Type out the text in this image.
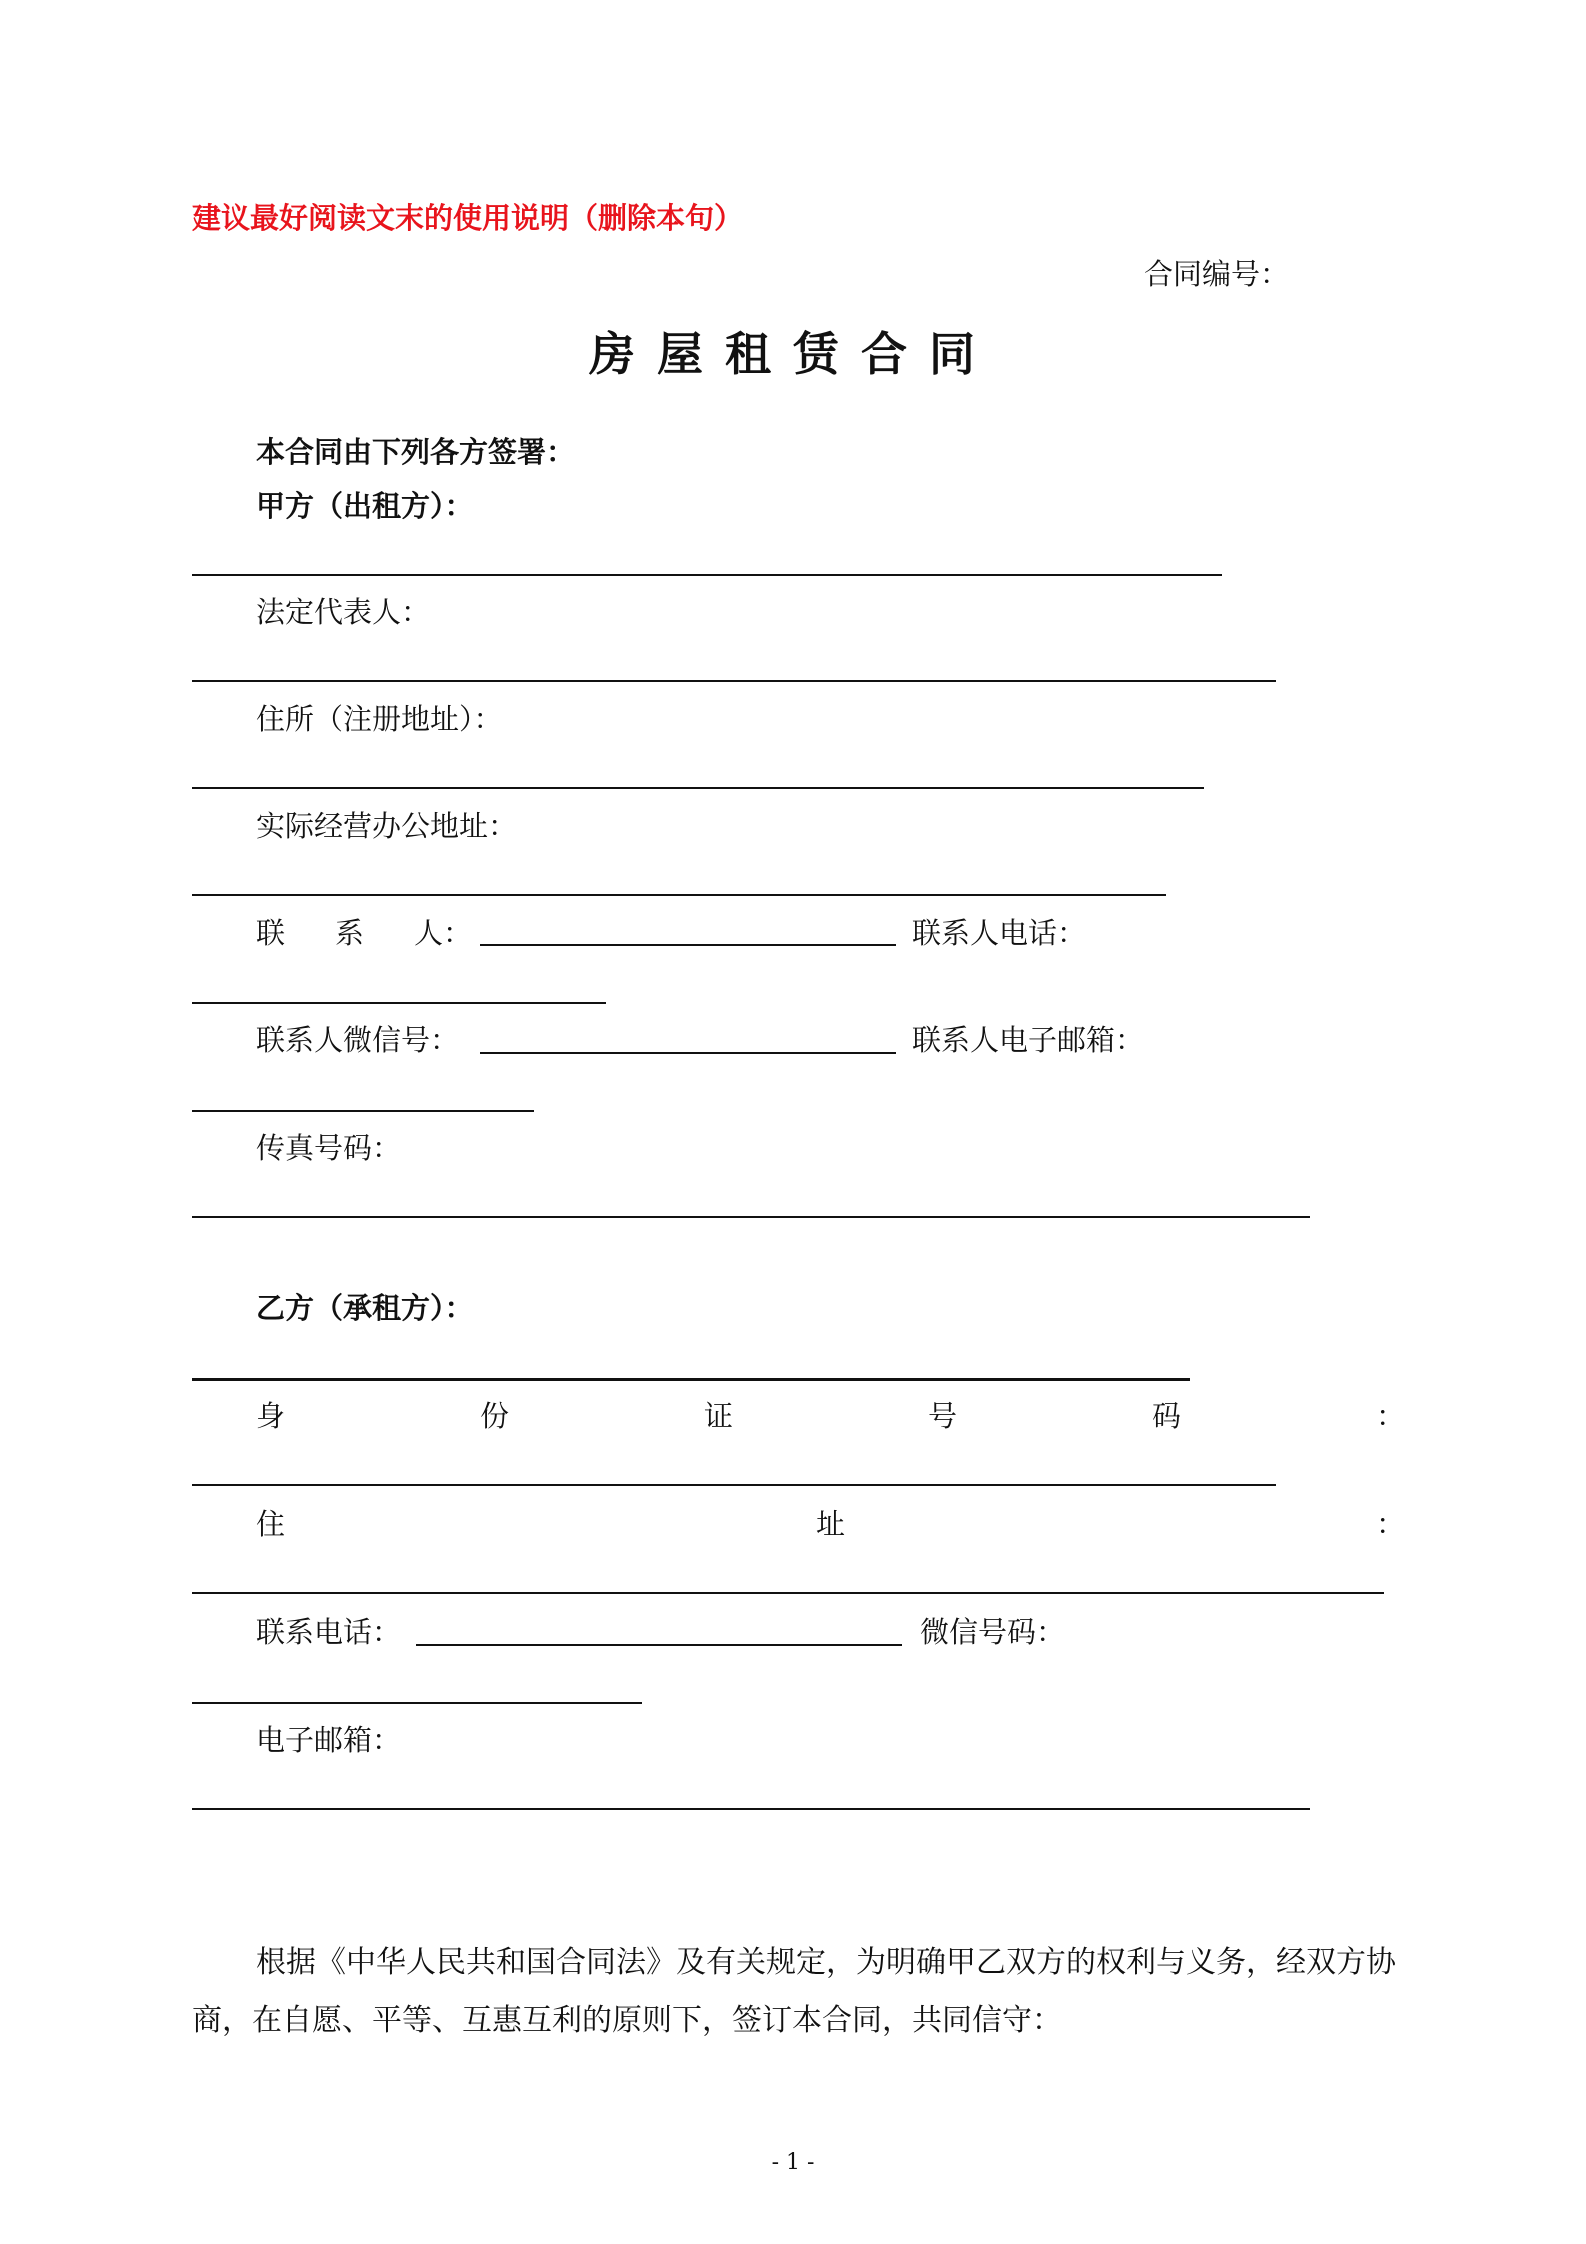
建议最好阅读文末的使用说明（删除本句）
合同编号：
房屋租赁合同
本合同由下列各方签署：
甲方（出租方）：
法定代表人：
住所（注册地址）：
实际经营办公地址：
联 系 人：	联系人电话：
联系人微信号：	联系人电子邮箱：
传真号码：
乙方（承租方）：
身	份	证	号	码	：
住	址	：
联系电话：	微信号码：
电子邮箱：
根据《中华人民共和国合同法》及有关规定，为明确甲乙双方的权利与义务，经双方协商，在自愿、平等、互惠互利的原则下，签订本合同，共同信守：
- 1 -
